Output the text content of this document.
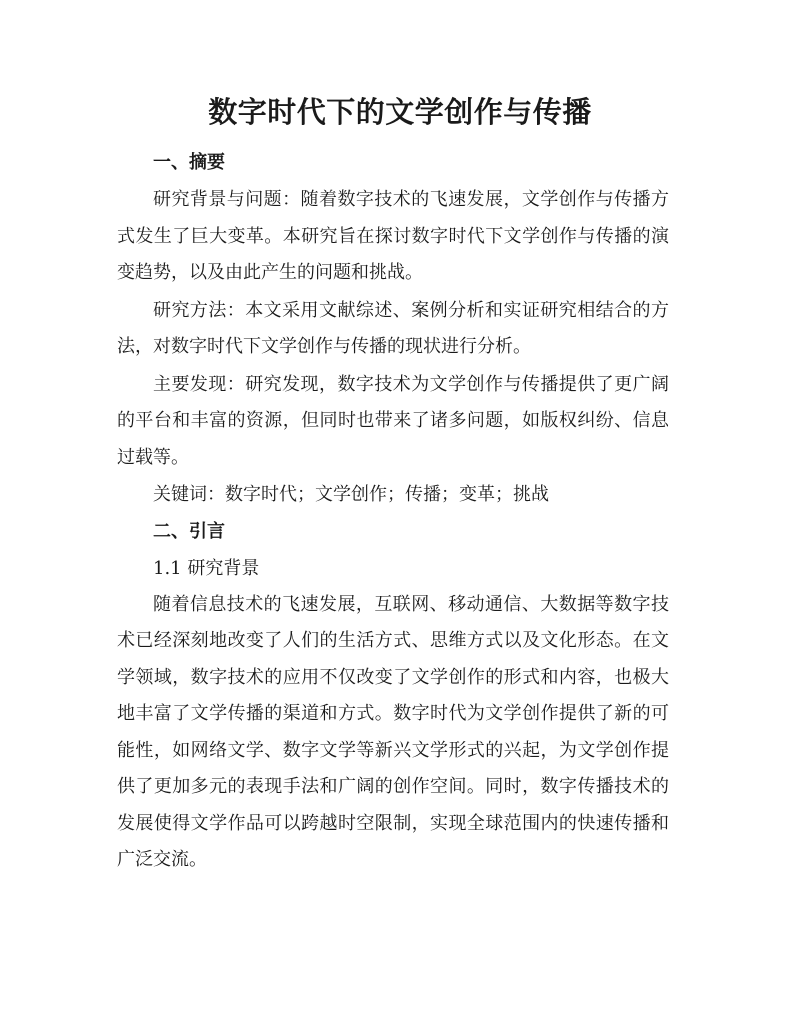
数字时代下的文学创作与传播
一、摘要

研究背景与问题：随着数字技术的飞速发展，文学创作与传播方式发生了巨大变革。本研究旨在探讨数字时代下文学创作与传播的演变趋势，以及由此产生的问题和挑战。

研究方法：本文采用文献综述、案例分析和实证研究相结合的方法，对数字时代下文学创作与传播的现状进行分析。

主要发现：研究发现，数字技术为文学创作与传播提供了更广阔的平台和丰富的资源，但同时也带来了诸多问题，如版权纠纷、信息过载等。

关键词：数字时代；文学创作；传播；变革；挑战

二、引言

1.1 研究背景

随着信息技术的飞速发展，互联网、移动通信、大数据等数字技术已经深刻地改变了人们的生活方式、思维方式以及文化形态。在文学领域，数字技术的应用不仅改变了文学创作的形式和内容，也极大地丰富了文学传播的渠道和方式。数字时代为文学创作提供了新的可能性，如网络文学、数字文学等新兴文学形式的兴起，为文学创作提供了更加多元的表现手法和广阔的创作空间。同时，数字传播技术的发展使得文学作品可以跨越时空限制，实现全球范围内的快速传播和广泛交流。
